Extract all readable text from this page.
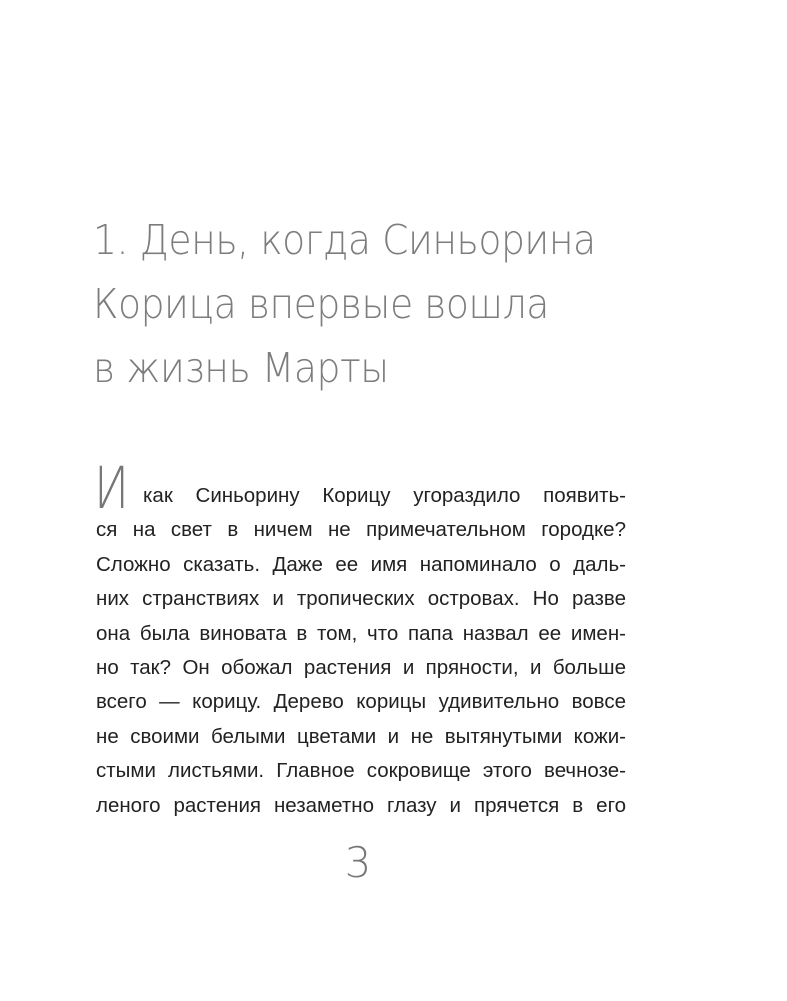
1. День, когда Синьорина
Корица впервые вошла
в жизнь Марты
И как Синьорину Корицу угораздило появить-
ся на свет в ничем не примечательном городке?
Сложно сказать. Даже ее имя напоминало о даль-
них странствиях и тропических островах. Но разве
она была виновата в том, что папа назвал ее имен-
но так? Он обожал растения и пряности, и больше
всего — корицу. Дерево корицы удивительно вовсе
не своими белыми цветами и не вытянутыми кожи-
стыми листьями. Главное сокровище этого вечнозе-
леного растения незаметно глазу и прячется в его
3
